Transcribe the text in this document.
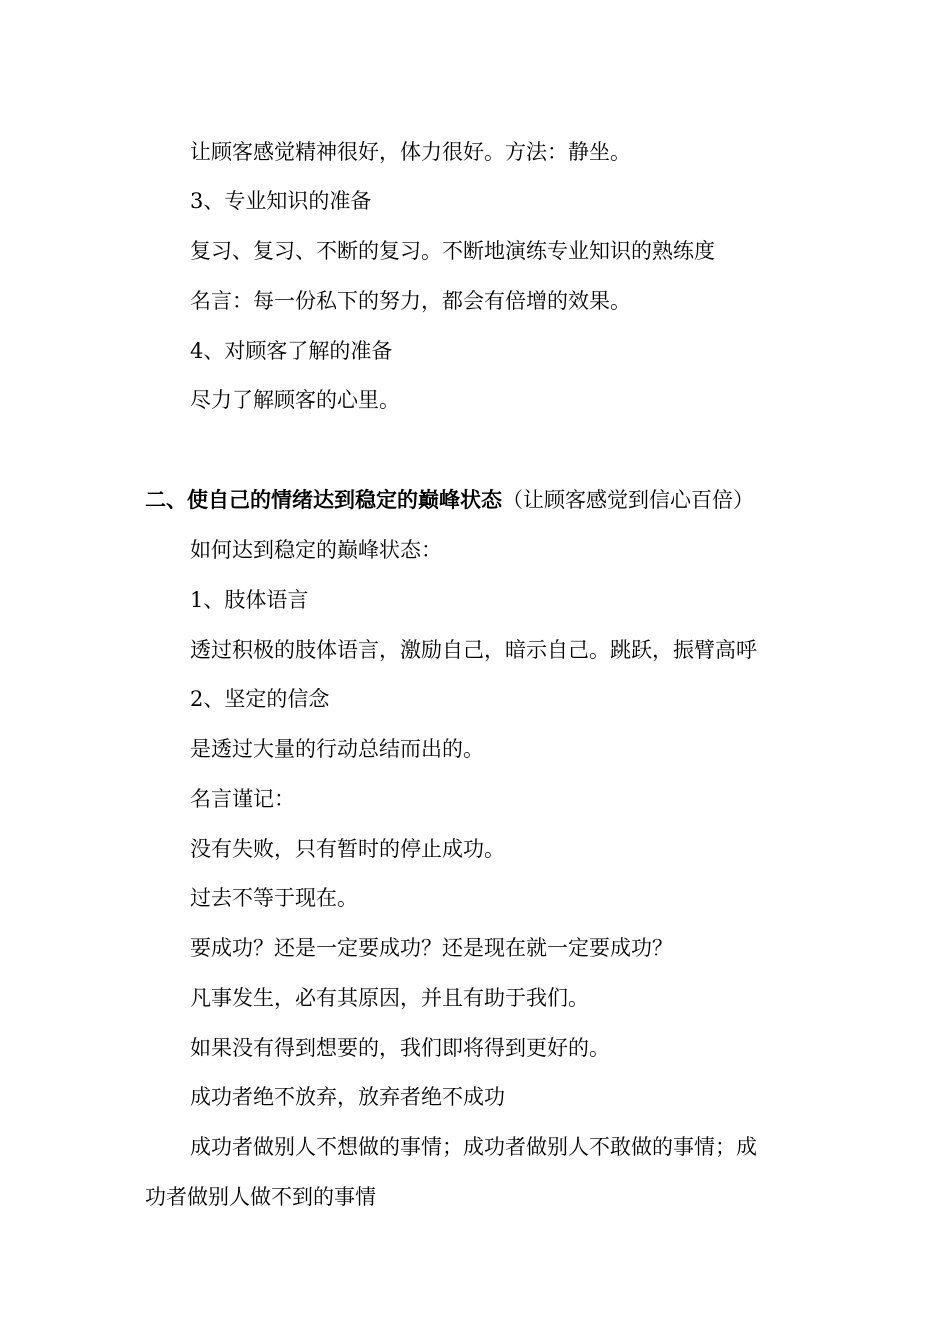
让顾客感觉精神很好，体力很好。方法：静坐。

3、专业知识的准备

复习、复习、不断的复习。不断地演练专业知识的熟练度

名言：每一份私下的努力，都会有倍增的效果。

4、对顾客了解的准备

尽力了解顾客的心里。

二、使自己的情绪达到稳定的巅峰状态（让顾客感觉到信心百倍）

如何达到稳定的巅峰状态：

1、肢体语言

透过积极的肢体语言，激励自己，暗示自己。跳跃，振臂高呼

2、坚定的信念

是透过大量的行动总结而出的。

名言谨记：

没有失败，只有暂时的停止成功。

过去不等于现在。

要成功？还是一定要成功？还是现在就一定要成功？

凡事发生，必有其原因，并且有助于我们。

如果没有得到想要的，我们即将得到更好的。

成功者绝不放弃，放弃者绝不成功

成功者做别人不想做的事情；成功者做别人不敢做的事情；成

功者做别人做不到的事情
